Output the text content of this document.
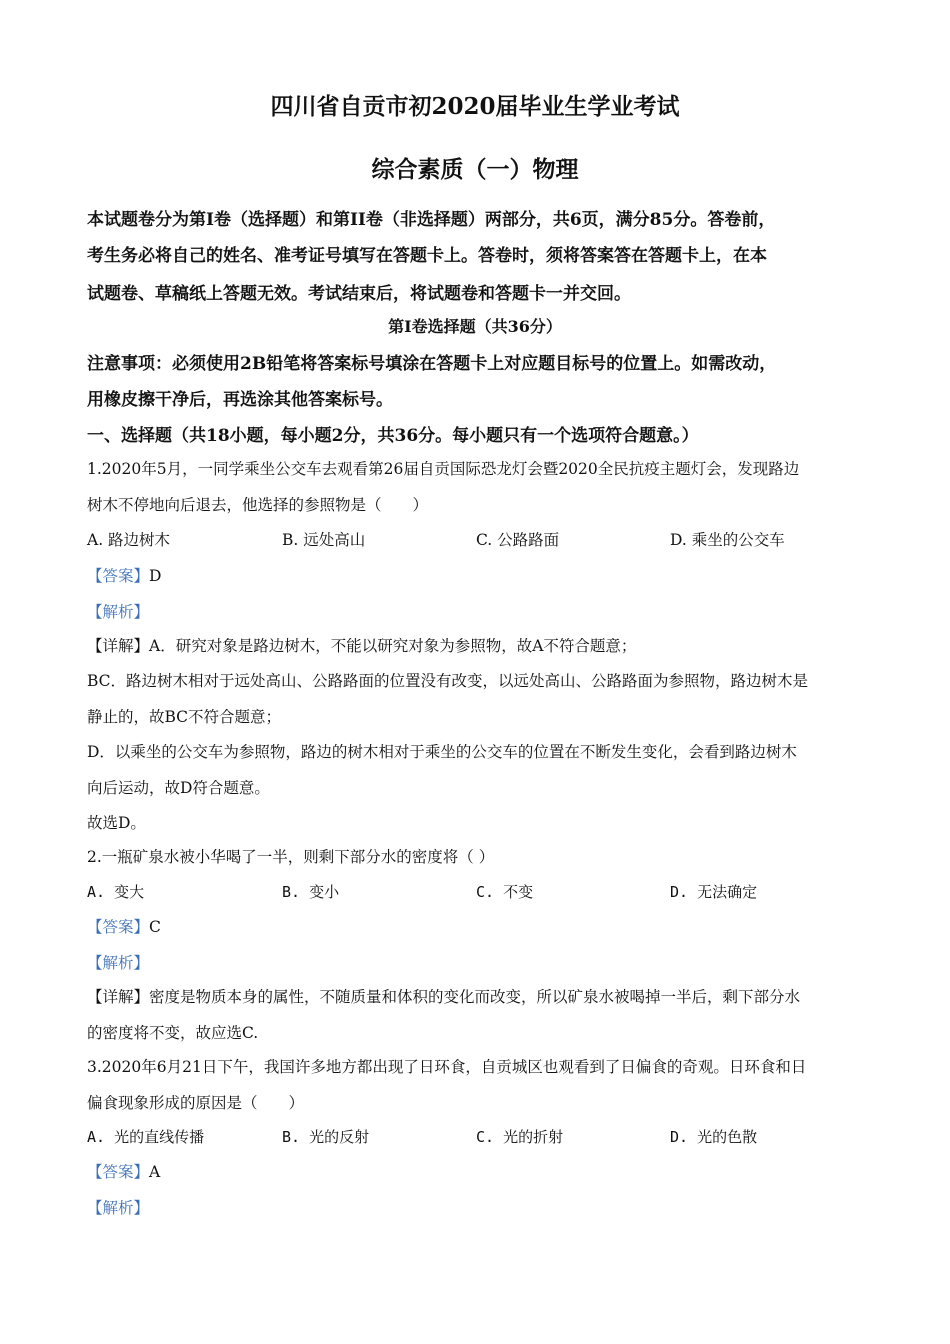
四川省自贡市初2020届毕业生学业考试
综合素质（一）物理
本试题卷分为第I卷（选择题）和第II卷（非选择题）两部分，共6页，满分85分。答卷前，
考生务必将自己的姓名、准考证号填写在答题卡上。答卷时，须将答案答在答题卡上，在本
试题卷、草稿纸上答题无效。考试结束后，将试题卷和答题卡一并交回。
第I卷选择题（共36分）
注意事项：必须使用2B铅笔将答案标号填涂在答题卡上对应题目标号的位置上。如需改动，
用橡皮擦干净后，再选涂其他答案标号。
一、选择题（共18小题，每小题2分，共36分。每小题只有一个选项符合题意。）
1.2020年5月，一同学乘坐公交车去观看第26届自贡国际恐龙灯会暨2020全民抗疫主题灯会，发现路边
树木不停地向后退去，他选择的参照物是（　　）
A. 路边树木	B. 远处高山	C. 公路路面	D. 乘坐的公交车
【答案】D
【解析】
【详解】A．研究对象是路边树木，不能以研究对象为参照物，故A不符合题意；
BC．路边树木相对于远处高山、公路路面的位置没有改变，以远处高山、公路路面为参照物，路边树木是
静止的，故BC不符合题意；
D．以乘坐的公交车为参照物，路边的树木相对于乘坐的公交车的位置在不断发生变化，会看到路边树木
向后运动，故D符合题意。
故选D。
2.一瓶矿泉水被小华喝了一半，则剩下部分水的密度将（ ）
A. 变大	B. 变小	C. 不变	D. 无法确定
【答案】C
【解析】
【详解】密度是物质本身的属性，不随质量和体积的变化而改变，所以矿泉水被喝掉一半后，剩下部分水
的密度将不变，故应选C.
3.2020年6月21日下午，我国许多地方都出现了日环食，自贡城区也观看到了日偏食的奇观。日环食和日
偏食现象形成的原因是（　　）
A. 光的直线传播	B. 光的反射	C. 光的折射	D. 光的色散
【答案】A
【解析】
